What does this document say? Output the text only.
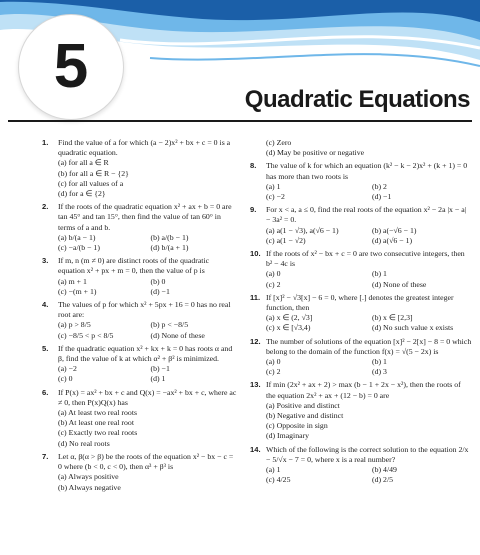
5	Quadratic Equations
1. Find the value of a for which (a − 2)x² + bx + c = 0 is a quadratic equation.
(a) for all a ∈ R
(b) for all a ∈ R − {2}
(c) for all values of a
(d) for a ∈ {2}
2. If the roots of the quadratic equation x² + ax + b = 0 are tan 45° and tan 15°, then find the value of tan 60° in terms of a and b.
(a) b/(a − 1)	(b) a/(b − 1)
(c) −a/(b − 1)	(d) b/(a + 1)
3. If m, n (m ≠ 0) are distinct roots of the quadratic equation x² + px + m = 0, then the value of p is
(a) m + 1	(b) 0
(c) −(m + 1)	(d) −1
4. The values of p for which x² + 5px + 16 = 0 has no real root are:
(a) p > 8/5	(b) p < −8/5
(c) −8/5 < p < 8/5	(d) None of these
5. If the quadratic equation x² + kx + k = 0 has roots α and β, find the value of k at which α² + β² is minimized.
(a) −2	(b) −1
(c) 0	(d) 1
6. If P(x) = ax² + bx + c and Q(x) = −ax² + bx + c, where ac ≠ 0, then P(x)Q(x) has
(a) At least two real roots
(b) At least one real root
(c) Exactly two real roots
(d) No real roots
7. Let α, β(α > β) be the roots of the equation x² − bx − c = 0 where (b < 0, c < 0), then α³ + β³ is
(a) Always positive
(b) Always negative
(c) Zero
(d) May be positive or negative
8. The value of k for which an equation (k² − k − 2)x² + (k + 1) = 0 has more than two roots is
(a) 1	(b) 2
(c) −2	(d) −1
9. For x < a, a ≤ 0, find the real roots of the equation x² − 2a |x − a| − 3a² = 0.
(a) a(1 − √3), a(√6 − 1)	(b) a(−√6 − 1)
(c) a(1 − √2)	(d) a(√6 − 1)
10. If the roots of x² − bx + c = 0 are two consecutive integers, then b² − 4c is
(a) 0	(b) 1
(c) 2	(d) None of these
11. If [x]² − √3[x] − 6 = 0, where [.] denotes the greatest integer function, then
(a) x ∈ (2, √3]	(b) x ∈ [2,3]
(c) x ∈ [√3,4)	(d) No such value x exists
12. The number of solutions of the equation [x]² − 2[x] − 8 = 0 which belong to the domain of the function f(x) = √(5 − 2x) is
(a) 0	(b) 1
(c) 2	(d) 3
13. If min (2x² + ax + 2) > max (b − 1 + 2x − x²), then the roots of the equation 2x² + ax + (12 − b) = 0 are
(a) Positive and distinct
(b) Negative and distinct
(c) Opposite in sign
(d) Imaginary
14. Which of the following is the correct solution to the equation 2/x − 5/√x − 7 = 0, where x is a real number?
(a) 1	(b) 4/49
(c) 4/25	(d) 2/5
